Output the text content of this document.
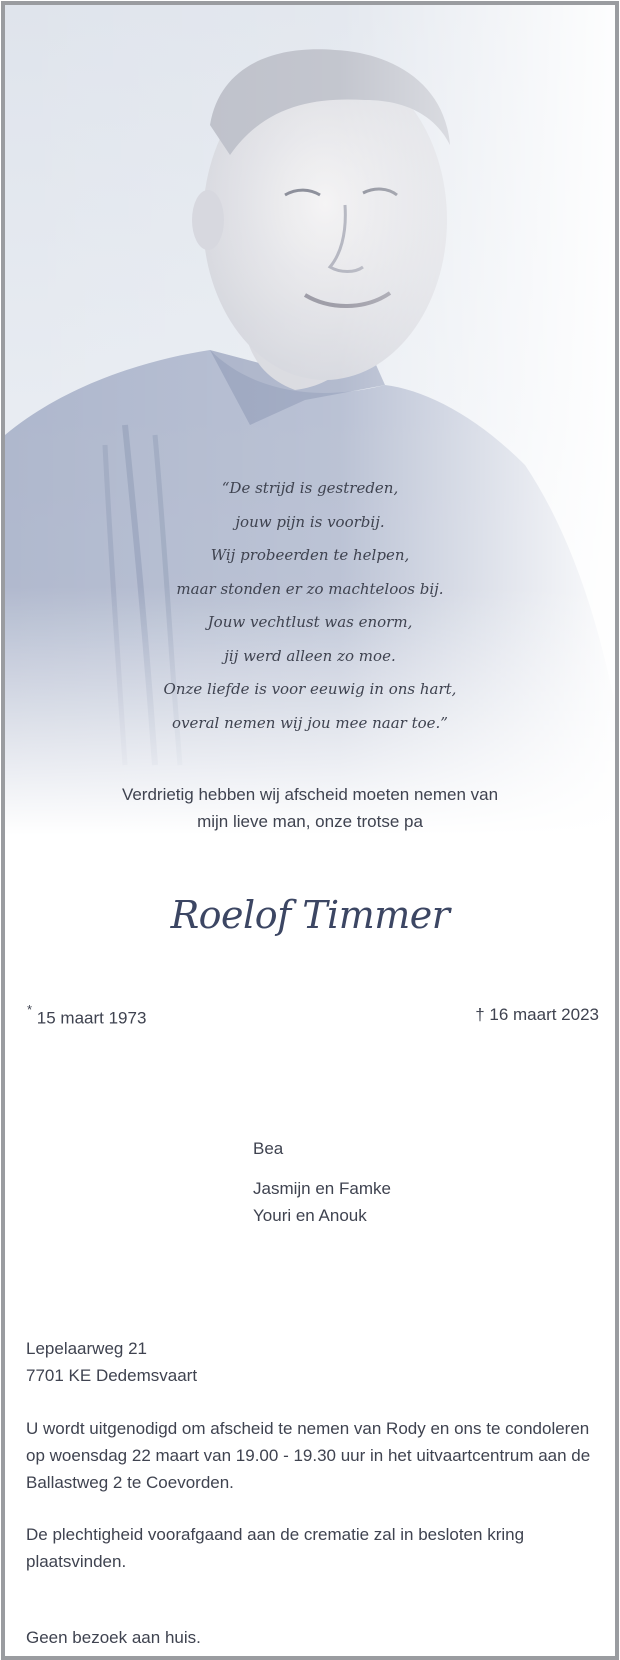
“De strijd is gestreden,
jouw pijn is voorbij.
Wij probeerden te helpen,
maar stonden er zo machteloos bij.
Jouw vechtlust was enorm,
jij werd alleen zo moe.
Onze liefde is voor eeuwig in ons hart,
overal nemen wij jou mee naar toe.”
Verdrietig hebben wij afscheid moeten nemen van
mijn lieve man, onze trotse pa
Roelof Timmer
* 15 maart 1973	† 16 maart 2023
Bea
Jasmijn en Famke
Youri en Anouk
Lepelaarweg 21
7701 KE Dedemsvaart
U wordt uitgenodigd om afscheid te nemen van Rody en ons te condoleren op woensdag 22 maart van 19.00 - 19.30 uur in het uitvaartcentrum aan de Ballastweg 2 te Coevorden.
De plechtigheid voorafgaand aan de crematie zal in besloten kring plaatsvinden.
Geen bezoek aan huis.
